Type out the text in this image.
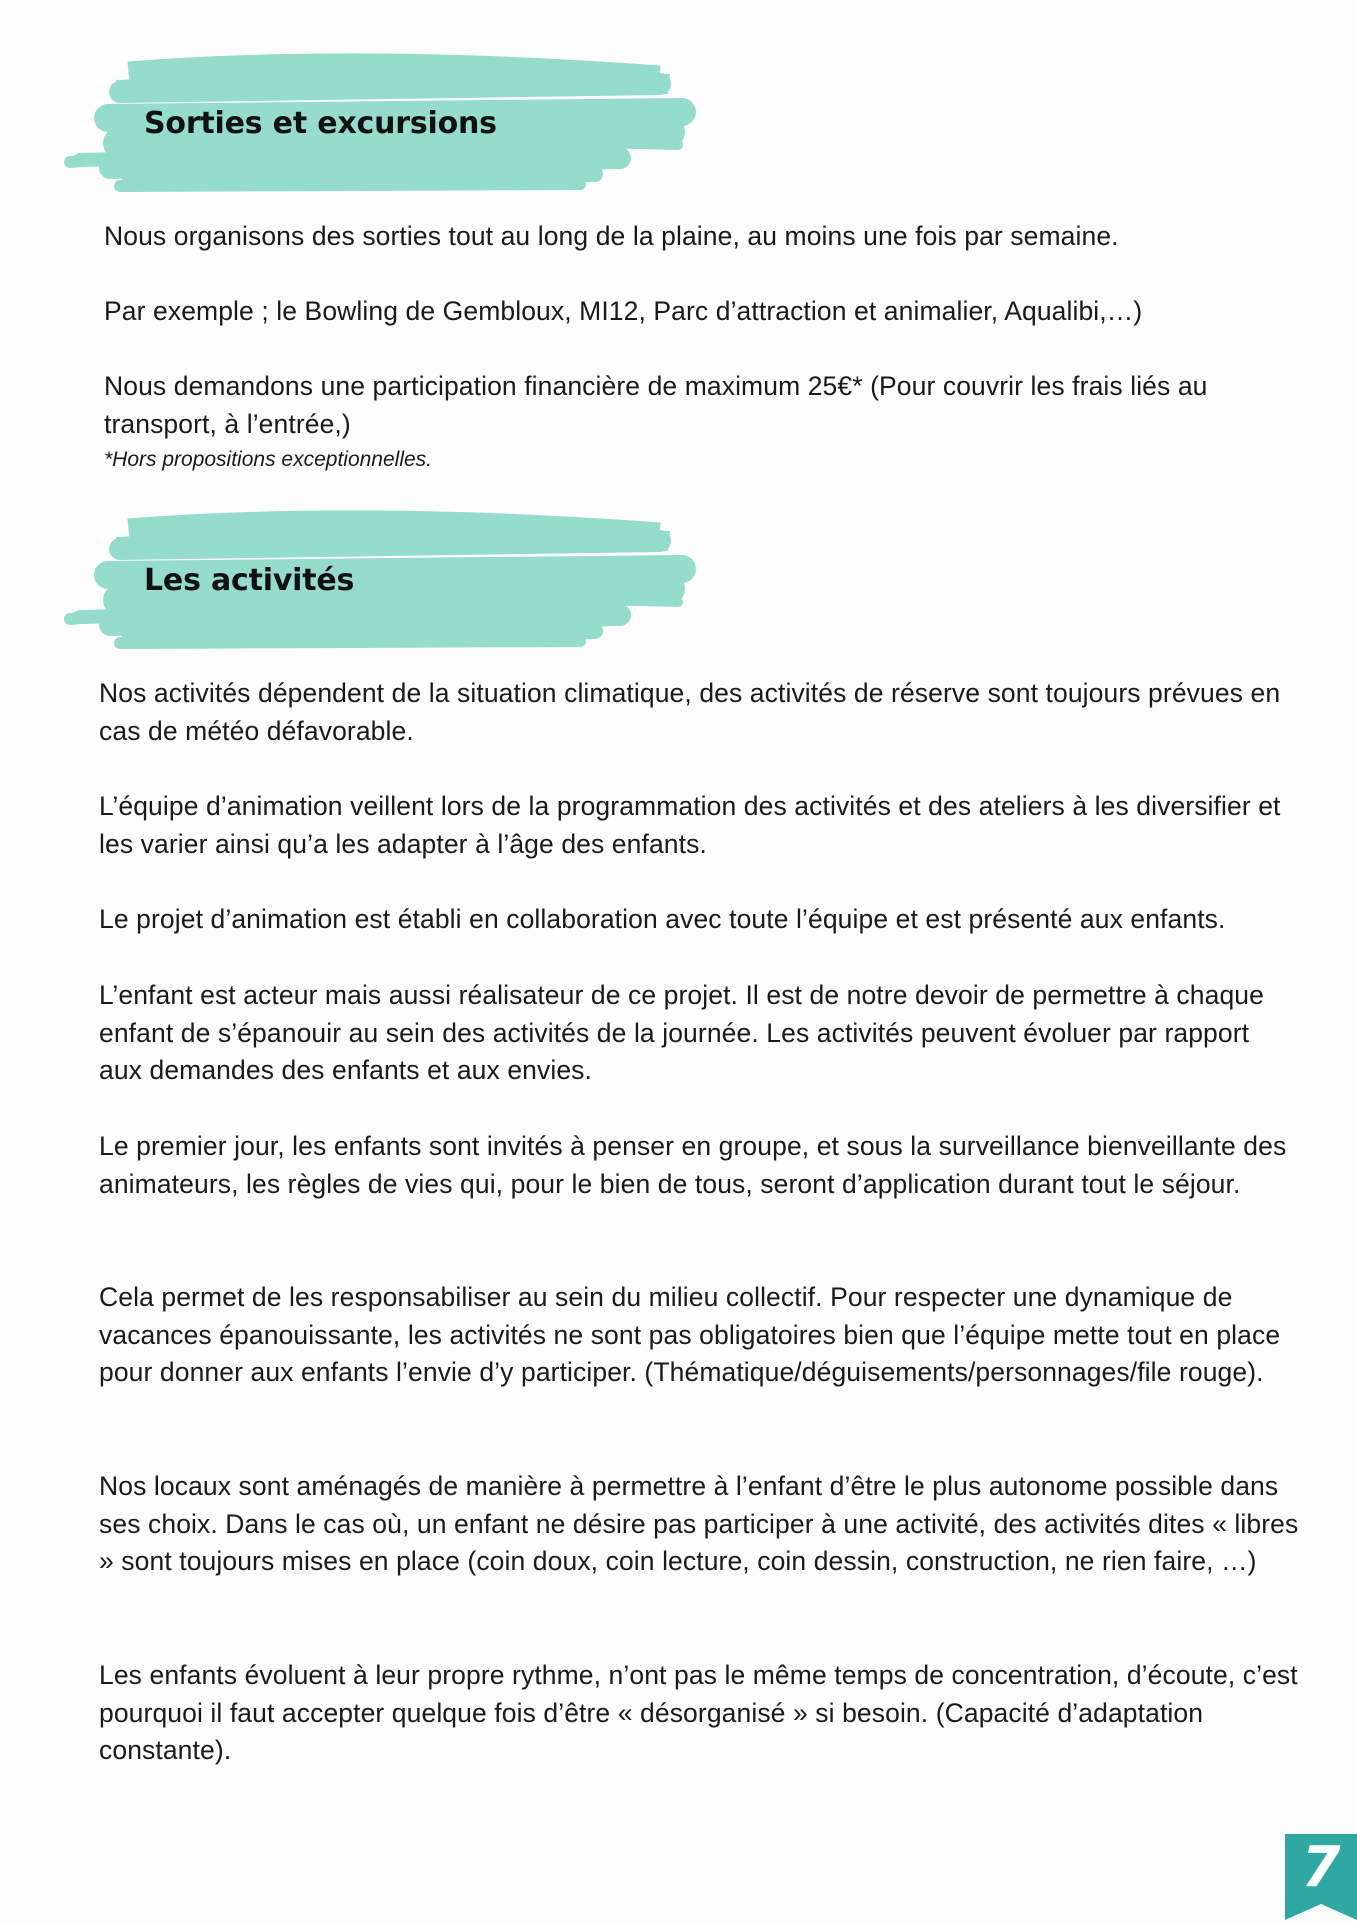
Sorties et excursions

Nous organisons des sorties tout au long de la plaine, au moins une fois par semaine.

Par exemple ; le Bowling de Gembloux, MI12, Parc d’attraction et animalier, Aqualibi,…)

Nous demandons une participation financière de maximum 25€* (Pour couvrir les frais liés au transport, à l’entrée,)

*Hors propositions exceptionnelles.

Les activités

Nos activités dépendent de la situation climatique, des activités de réserve sont toujours prévues en cas de météo défavorable.

L’équipe d’animation veillent lors de la programmation des activités et des ateliers à les diversifier et les varier ainsi qu’a les adapter à l’âge des enfants.

Le projet d’animation est établi en collaboration avec toute l’équipe et est présenté aux enfants.

L’enfant est acteur mais aussi réalisateur de ce projet. Il est de notre devoir de permettre à chaque enfant de s’épanouir au sein des activités de la journée. Les activités peuvent évoluer par rapport aux demandes des enfants et aux envies.

Le premier jour, les enfants sont invités à penser en groupe, et sous la surveillance bienveillante des animateurs, les règles de vies qui, pour le bien de tous, seront d’application durant tout le séjour.

Cela permet de les responsabiliser au sein du milieu collectif. Pour respecter une dynamique de vacances épanouissante, les activités ne sont pas obligatoires bien que l’équipe mette tout en place pour donner aux enfants l’envie d’y participer. (Thématique/déguisements/personnages/file rouge).

Nos locaux sont aménagés de manière à permettre à l’enfant d’être le plus autonome possible dans ses choix. Dans le cas où, un enfant ne désire pas participer à une activité, des activités dites « libres » sont toujours mises en place (coin doux, coin lecture, coin dessin, construction, ne rien faire, …)

Les enfants évoluent à leur propre rythme, n’ont pas le même temps de concentration, d’écoute, c’est pourquoi il faut accepter quelque fois d’être « désorganisé » si besoin. (Capacité d’adaptation constante).

7
